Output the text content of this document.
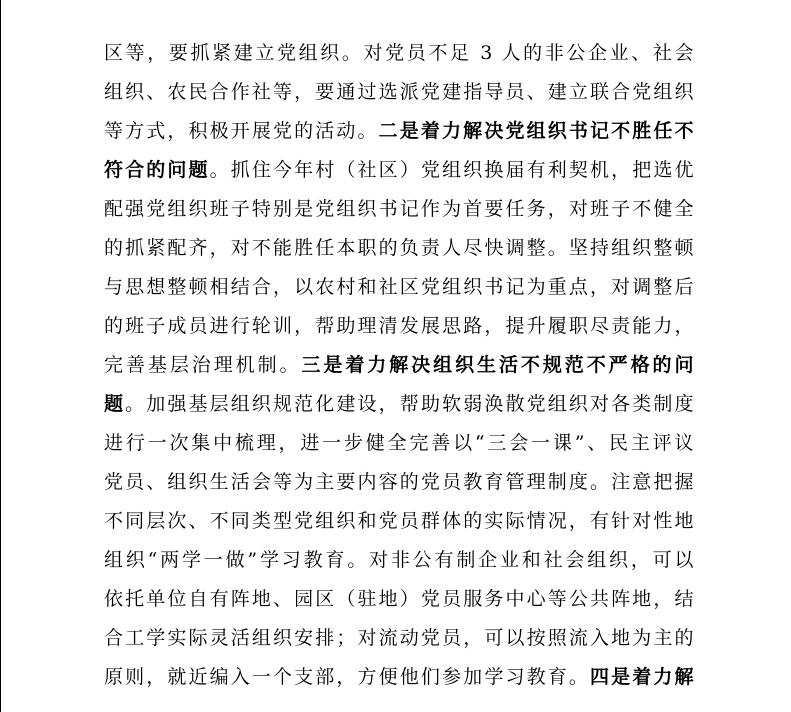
区等，要抓紧建立党组织。对党员不足 3 人的非公企业、社会
组织、农民合作社等，要通过选派党建指导员、建立联合党组织
等方式，积极开展党的活动。二是着力解决党组织书记不胜任不
符合的问题。抓住今年村（社区）党组织换届有利契机，把选优
配强党组织班子特别是党组织书记作为首要任务，对班子不健全
的抓紧配齐，对不能胜任本职的负责人尽快调整。坚持组织整顿
与思想整顿相结合，以农村和社区党组织书记为重点，对调整后
的班子成员进行轮训，帮助理清发展思路，提升履职尽责能力，
完善基层治理机制。三是着力解决组织生活不规范不严格的问
题。加强基层组织规范化建设，帮助软弱涣散党组织对各类制度
进行一次集中梳理，进一步健全完善以“三会一课”、民主评议
党员、组织生活会等为主要内容的党员教育管理制度。注意把握
不同层次、不同类型党组织和党员群体的实际情况，有针对性地
组织“两学一做”学习教育。对非公有制企业和社会组织，可以
依托单位自有阵地、园区（驻地）党员服务中心等公共阵地，结
合工学实际灵活组织安排；对流动党员，可以按照流入地为主的
原则，就近编入一个支部，方便他们参加学习教育。四是着力解
